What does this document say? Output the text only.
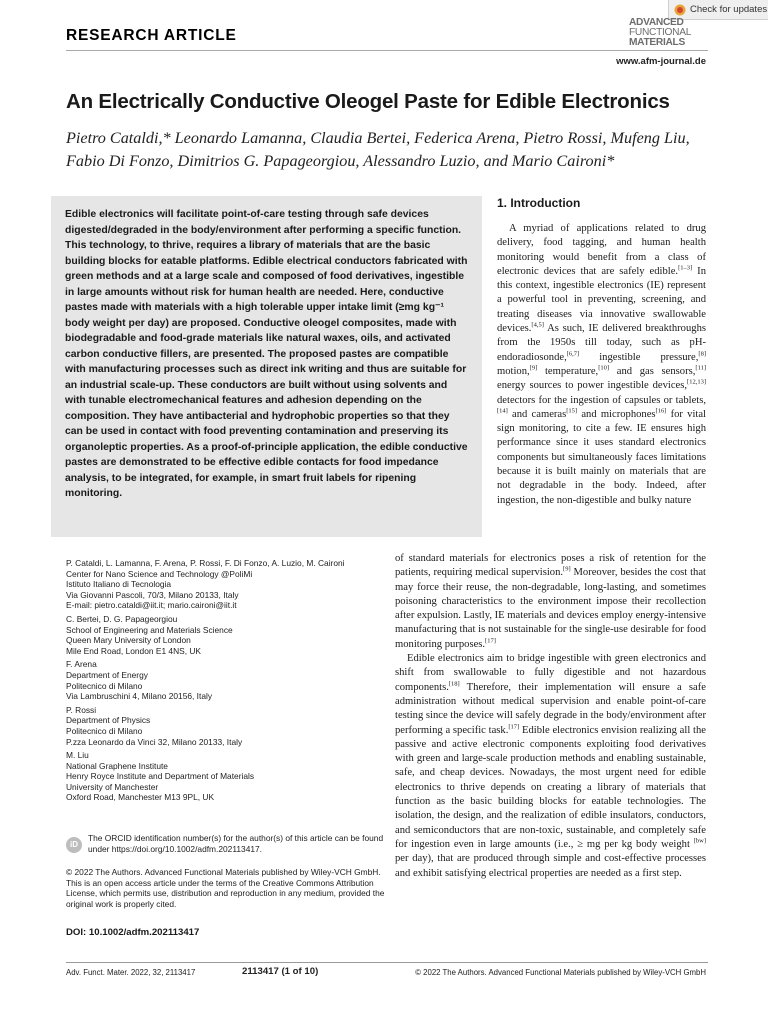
Check for updates
RESEARCH ARTICLE
ADVANCED
FUNCTIONAL
MATERIALS
www.afm-journal.de
An Electrically Conductive Oleogel Paste for Edible Electronics
Pietro Cataldi,* Leonardo Lamanna, Claudia Bertei, Federica Arena, Pietro Rossi, Mufeng Liu,
Fabio Di Fonzo, Dimitrios G. Papageorgiou, Alessandro Luzio, and Mario Caironi*

Edible electronics will facilitate point-of-care testing through safe devices digested/degraded in the body/environment after performing a specific function. This technology, to thrive, requires a library of materials that are the basic building blocks for eatable platforms. Edible electrical conductors fabricated with green methods and at a large scale and composed of food derivatives, ingestible in large amounts without risk for human health are needed. Here, conductive pastes made with materials with a high tolerable upper intake limit (≥mg kg⁻¹ body weight per day) are proposed. Conductive oleogel composites, made with biodegradable and food-grade materials like natural waxes, oils, and activated carbon conductive fillers, are presented. The proposed pastes are compatible with manufacturing processes such as direct ink writing and thus are suitable for an industrial scale-up. These conductors are built without using solvents and with tunable electromechanical features and adhesion depending on the composition. They have antibacterial and hydrophobic properties so that they can be used in contact with food preventing contamination and preserving its organoleptic properties. As a proof-of-principle application, the edible conductive pastes are demonstrated to be effective edible contacts for food impedance analysis, to be integrated, for example, in smart fruit labels for ripening monitoring.

1. Introduction

A myriad of applications related to drug delivery, food tagging, and human health monitoring would benefit from a class of electronic devices that are safely edible.[1–3] In this context, ingestible electronics (IE) represent a powerful tool in preventing, screening, and treating diseases via innovative swallowable devices.[4,5] As such, IE delivered breakthroughs from the 1950s till today, such as pH-endoradiosonde,[6,7] ingestible pressure,[8] motion,[9] temperature,[10] and gas sensors,[11] energy sources to power ingestible devices,[12,13] detectors for the ingestion of capsules or tablets,[14] and cameras[15] and microphones[16] for vital sign monitoring, to cite a few. IE ensures high performance since it uses standard electronics components but simultaneously faces limitations because it is built mainly on materials that are not degradable in the body. Indeed, after ingestion, the non-digestible and bulky nature

of standard materials for electronics poses a risk of retention for the patients, requiring medical supervision.[9] Moreover, besides the cost that may force their reuse, the non-degradable, long-lasting, and sometimes poisoning characteristics to the environment impose their recollection after expulsion. Lastly, IE materials and devices employ energy-intensive manufacturing that is not sustainable for the single-use desirable for food monitoring purposes.[17]

Edible electronics aim to bridge ingestible with green electronics and shift from swallowable to fully digestible and not hazardous components.[18] Therefore, their implementation will ensure a safe administration without medical supervision and enable point-of-care testing since the device will safely degrade in the body/environment after performing a specific task.[17] Edible electronics envision realizing all the passive and active electronic components exploiting food derivatives with green and large-scale production methods and enabling sustainable, safe, and cheap devices. Nowadays, the most urgent need for edible electronics to thrive depends on creating a library of materials that function as the basic building blocks for eatable technologies. The isolation, the design, and the realization of edible insulators, conductors, and semiconductors that are non-toxic, sustainable, and completely safe for ingestion even in large amounts (i.e., ≥ mg per kg body weight [bw] per day), that are produced through simple and cost-effective processes and exhibit satisfying electrical properties are needed as a first step.

P. Cataldi, L. Lamanna, F. Arena, P. Rossi, F. Di Fonzo, A. Luzio, M. Caironi
Center for Nano Science and Technology @PoliMi
Istituto Italiano di Tecnologia
Via Giovanni Pascoli, 70/3, Milano 20133, Italy
E-mail: pietro.cataldi@iit.it; mario.caironi@iit.it
C. Bertei, D. G. Papageorgiou
School of Engineering and Materials Science
Queen Mary University of London
Mile End Road, London E1 4NS, UK
F. Arena
Department of Energy
Politecnico di Milano
Via Lambruschini 4, Milano 20156, Italy
P. Rossi
Department of Physics
Politecnico di Milano
P.zza Leonardo da Vinci 32, Milano 20133, Italy
M. Liu
National Graphene Institute
Henry Royce Institute and Department of Materials
University of Manchester
Oxford Road, Manchester M13 9PL, UK
iD
The ORCID identification number(s) for the author(s) of this article can be found under https://doi.org/10.1002/adfm.202113417.
© 2022 The Authors. Advanced Functional Materials published by Wiley-VCH GmbH. This is an open access article under the terms of the Creative Commons Attribution License, which permits use, distribution and reproduction in any medium, provided the original work is properly cited.
DOI: 10.1002/adfm.202113417
Adv. Funct. Mater. 2022, 32, 2113417	2113417 (1 of 10)	© 2022 The Authors. Advanced Functional Materials published by Wiley-VCH GmbH
